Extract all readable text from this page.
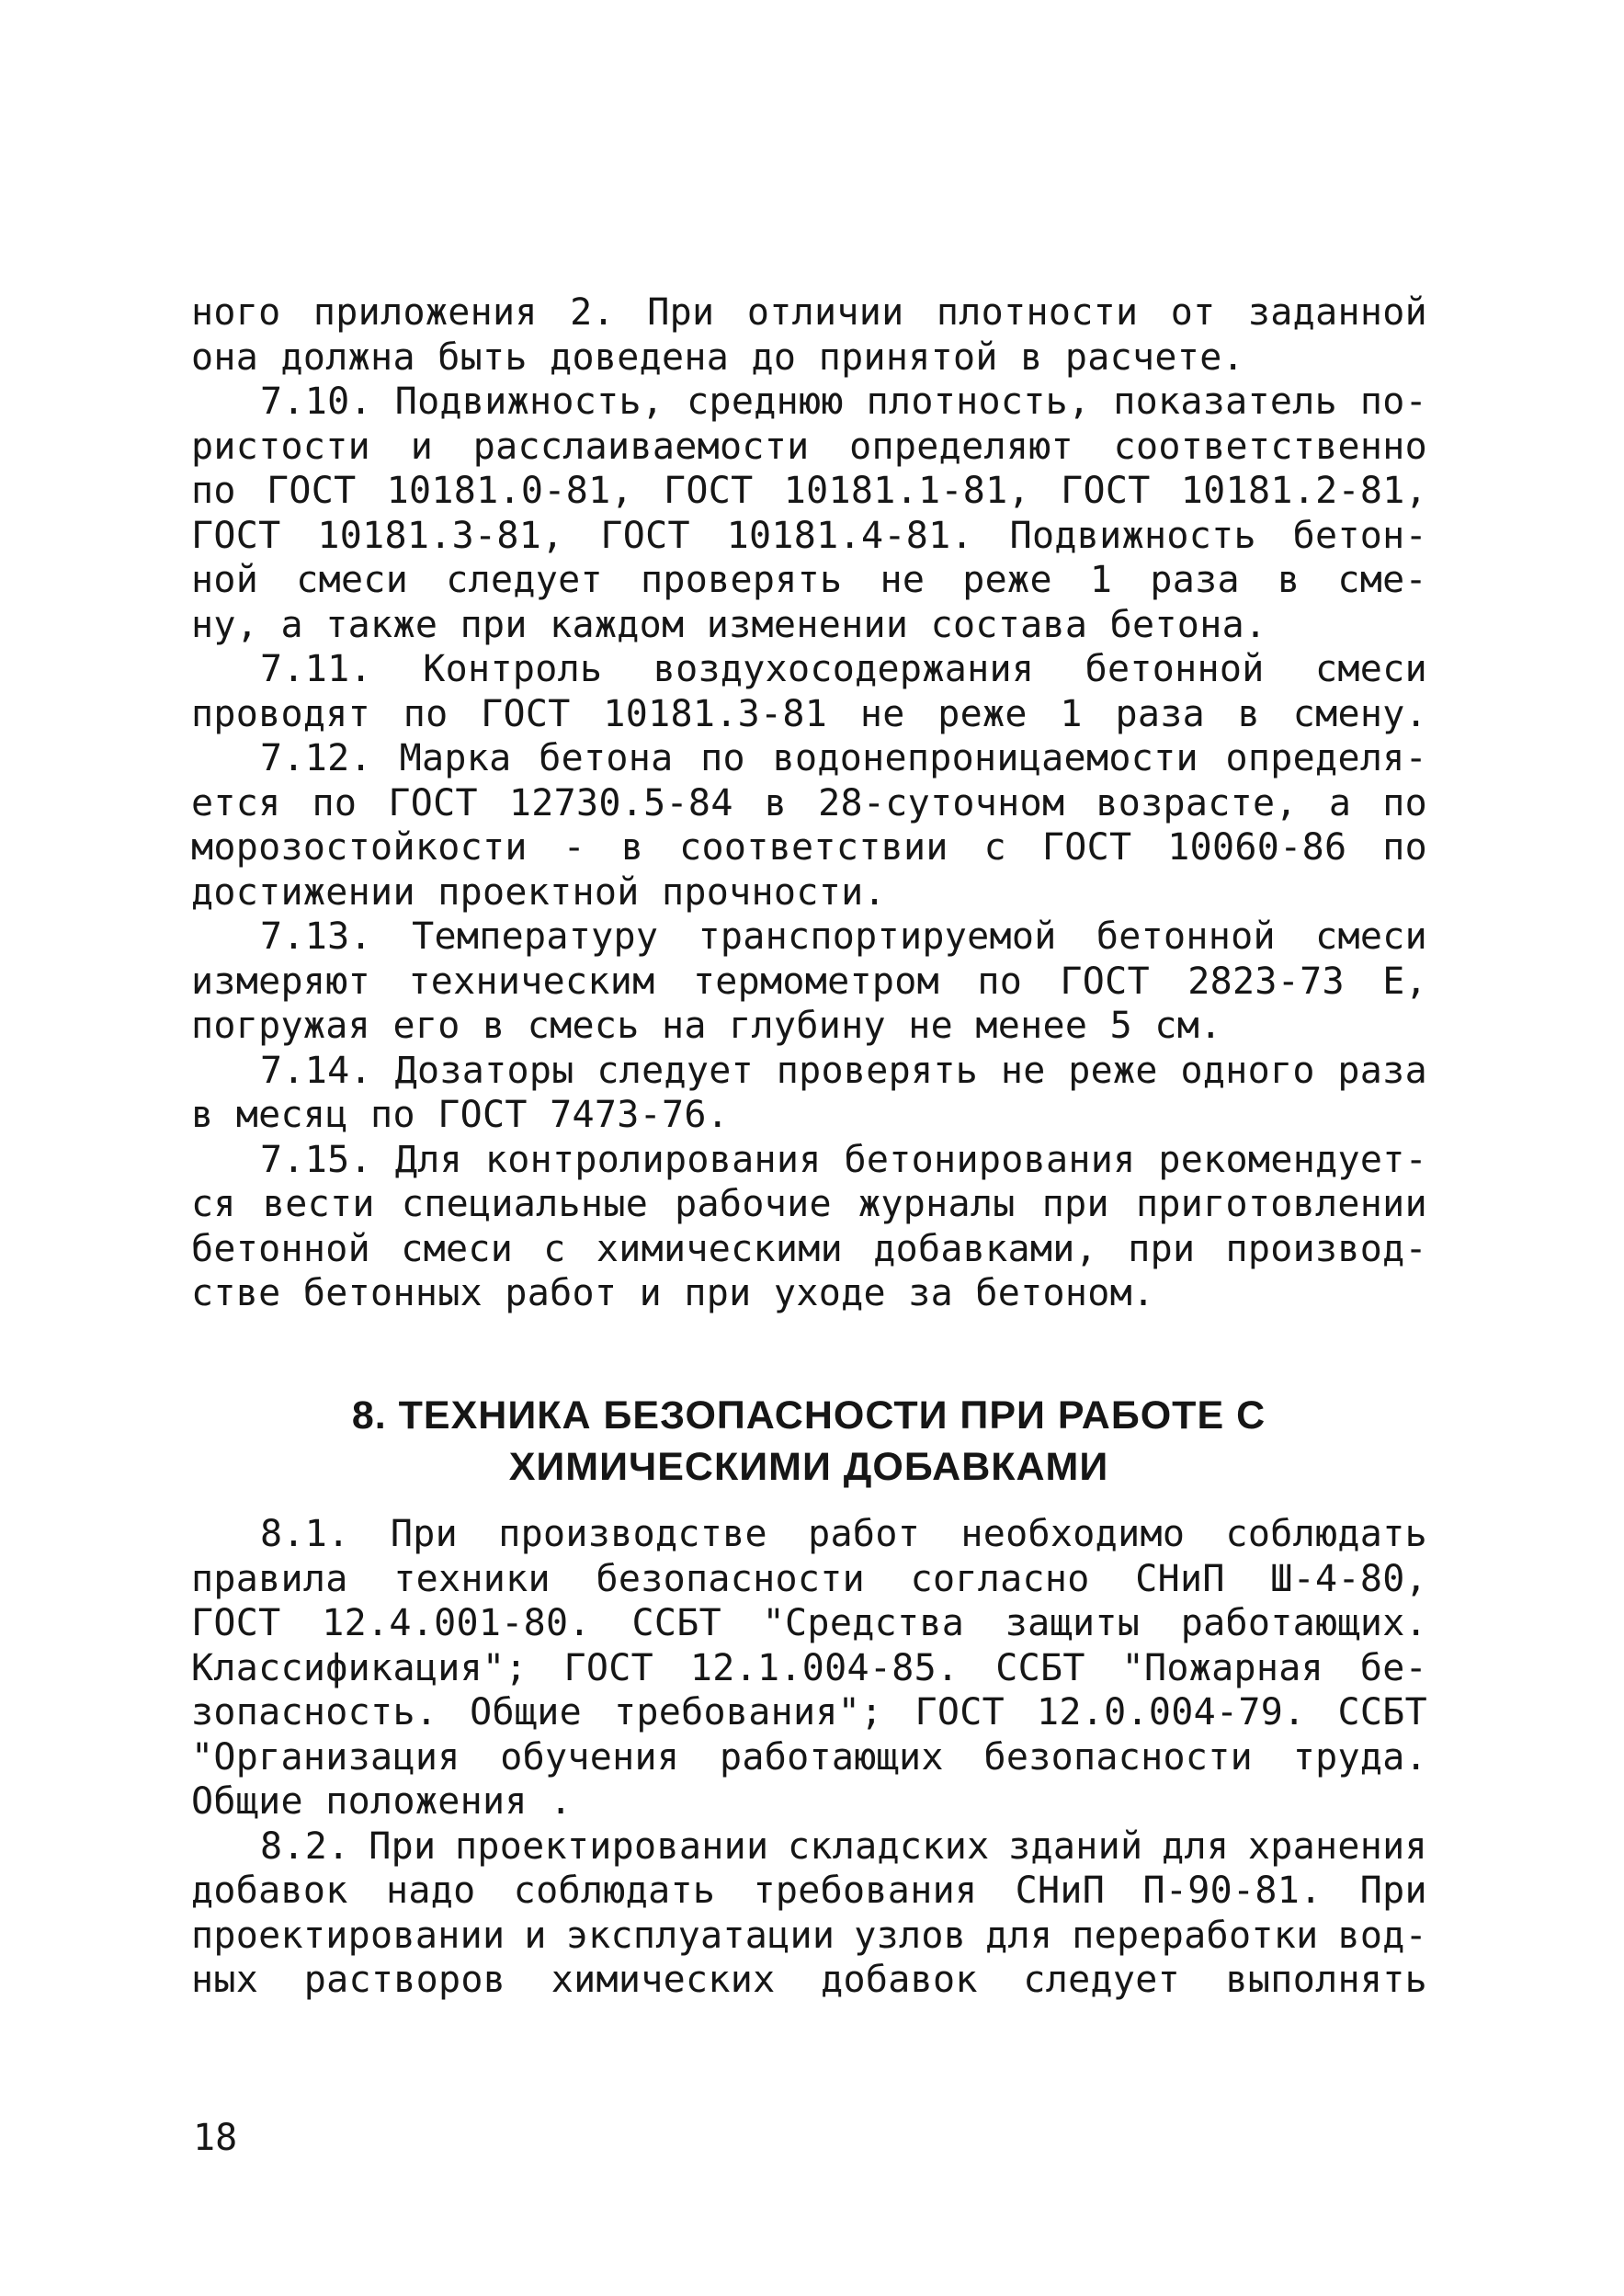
ного приложения 2. При отличии плотности от заданной
она должна быть доведена до принятой в расчете.
7.10. Подвижность, среднюю плотность, показатель по-
ристости и расслаиваемости определяют соответственно
по ГОСТ 10181.0-81, ГОСТ 10181.1-81, ГОСТ 10181.2-81,
ГОСТ 10181.3-81, ГОСТ 10181.4-81. Подвижность бетон-
ной смеси следует проверять не реже 1 раза в сме-
ну, а также при каждом изменении состава бетона.
7.11. Контроль воздухосодержания бетонной смеси
проводят по ГОСТ 10181.3-81 не реже 1 раза в смену.
7.12. Марка бетона по водонепроницаемости определя-
ется по ГОСТ 12730.5-84 в 28-суточном возрасте, а по
морозостойкости - в соответствии с ГОСТ 10060-86 по
достижении проектной прочности.
7.13. Температуру транспортируемой бетонной смеси
измеряют техническим термометром по ГОСТ 2823-73 Е,
погружая его в смесь на глубину не менее 5 см.
7.14. Дозаторы следует проверять не реже одного раза
в месяц по ГОСТ 7473-76.
7.15. Для контролирования бетонирования рекомендует-
ся вести специальные рабочие журналы при приготовлении
бетонной смеси с химическими добавками, при производ-
стве бетонных работ и при уходе за бетоном.
8. ТЕХНИКА БЕЗОПАСНОСТИ ПРИ РАБОТЕ С
ХИМИЧЕСКИМИ ДОБАВКАМИ
8.1. При производстве работ необходимо соблюдать
правила техники безопасности согласно СНиП Ш-4-80,
ГОСТ 12.4.001-80. ССБТ "Средства защиты работающих.
Классификация"; ГОСТ 12.1.004-85. ССБТ "Пожарная бе-
зопасность. Общие требования"; ГОСТ 12.0.004-79. ССБТ
"Организация обучения работающих безопасности труда.
Общие положения .
8.2. При проектировании складских зданий для хранения
добавок надо соблюдать требования СНиП П-90-81. При
проектировании и эксплуатации узлов для переработки вод-
ных растворов химических добавок следует выполнять
18
